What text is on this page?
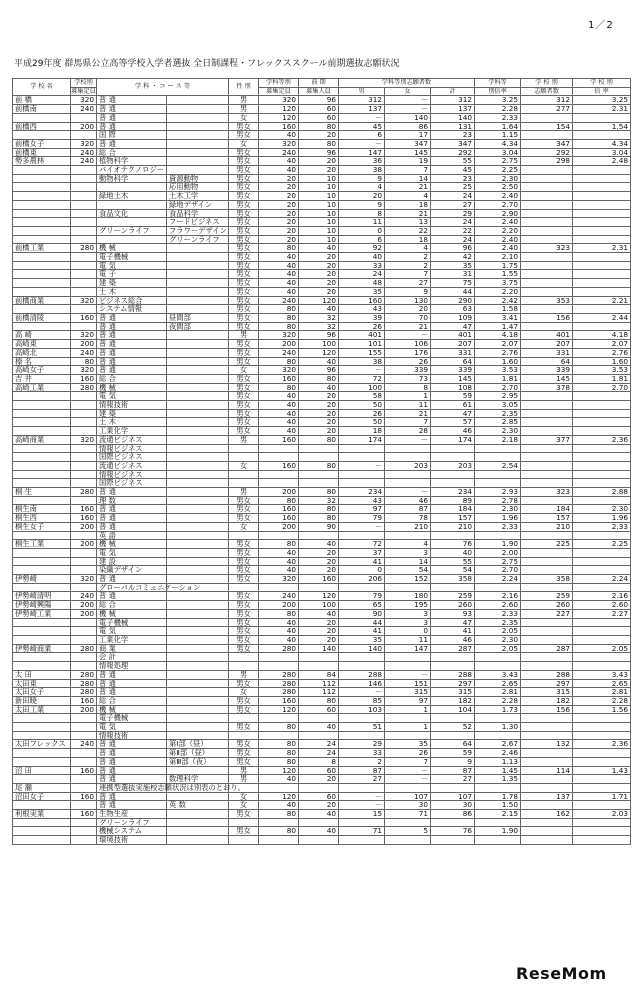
1／2
平成29年度 群馬県公立高等学校入学者選抜 全日制課程・フレックススクール前期選抜志願状況
学 校 名	学校別	学 科 ・ コ ー ス 等		性 別	学科等別	前 期	学科等別志願者数			学科等	学 校 別	学 校 別
	募集定員				募集定員	募集人員	男	女	計	別倍率	志願者数	倍 率
前 橋	320	普 通		男	320	96	312	－	312	3.25	312	3.25
前橋南	240	普 通		男	120	60	137	－	137	2.28	277	2.31
		普 通		女	120	60	－	140	140	2.33		
前橋西	200	普 通		男女	160	80	45	86	131	1.64	154	1.54
		国 際		男女	40	20	6	17	23	1.15		
前橋女子	320	普 通		女	320	80	－	347	347	4.34	347	4.34
前橋東	240	総 合		男女	240	96	147	145	292	3.04	292	3.04
勢多農林	240	植物科学		男女	40	20	36	19	55	2.75	298	2.48
		バイオテクノロジー		男女	40	20	38	7	45	2.25		
		動物科学	資源動物	男女	20	10	9	14	23	2.30		
			応用動物	男女	20	10	4	21	25	2.50		
		緑地土木	土木工学	男女	20	10	20	4	24	2.40		
			緑地デザイン	男女	20	10	9	18	27	2.70		
		食品文化	食品科学	男女	20	10	8	21	29	2.90		
			フードビジネス	男女	20	10	11	13	24	2.40		
		グリーンライフ	フラワーデザイン	男女	20	10	0	22	22	2.20		
			グリーンライフ	男女	20	10	6	18	24	2.40		
前橋工業	280	機 械		男女	80	40	92	4	96	2.40	323	2.31
		電子機械		男女	40	20	40	2	42	2.10		
		電 気		男女	40	20	33	2	35	1.75		
		電 子		男女	40	20	24	7	31	1.55		
		建 築		男女	40	20	48	27	75	3.75		
		土 木		男女	40	20	35	9	44	2.20		
前橋商業	320	ビジネス総合		男女	240	120	160	130	290	2.42	353	2.21
		システム情報		男女	80	40	43	20	63	1.58		
前橋清陵	160	普 通	昼間部	男女	80	32	39	70	109	3.41	156	2.44
		普 通	夜間部	男女	80	32	26	21	47	1.47		
高 崎	320	普 通		男	320	96	401	－	401	4.18	401	4.18
高崎東	200	普 通		男女	200	100	101	106	207	2.07	207	2.07
高崎北	240	普 通		男女	240	120	155	176	331	2.76	331	2.76
榛 名	80	普 通		男女	80	40	38	26	64	1.60	64	1.60
高崎女子	320	普 通		女	320	96	－	339	339	3.53	339	3.53
吉 井	160	総 合		男女	160	80	72	73	145	1.81	145	1.81
高崎工業	280	機 械		男女	80	40	100	8	108	2.70	378	2.70
		電 気		男女	40	20	58	1	59	2.95		
		情報技術		男女	40	20	50	11	61	3.05		
		建 築		男女	40	20	26	21	47	2.35		
		土 木		男女	40	20	50	7	57	2.85		
		工業化学		男女	40	20	18	28	46	2.30		
高崎商業	320	流通ビジネス		男	160	80	174	－	174	2.18	377	2.36
		情報ビジネス										
		国際ビジネス										
		流通ビジネス		女	160	80	－	203	203	2.54		
		情報ビジネス										
		国際ビジネス										
桐 生	280	普 通		男	200	80	234	－	234	2.93	323	2.88
		理 数		男女	80	32	43	46	89	2.78		
桐生南	160	普 通		男女	160	80	97	87	184	2.30	184	2.30
桐生西	160	普 通		男女	160	80	79	78	157	1.96	157	1.96
桐生女子	200	普 通		女	200	90	－	210	210	2.33	210	2.33
		英 語										
桐生工業	200	機 械		男女	80	40	72	4	76	1.90	225	2.25
		電 気		男女	40	20	37	3	40	2.00		
		建 設		男女	40	20	41	14	55	2.75		
		染織デザイン		男女	40	20	0	54	54	2.70		
伊勢崎	320	普 通		男女	320	160	206	152	358	2.24	358	2.24
		グローバルコミュニケーション										
伊勢崎清明	240	普 通		男女	240	120	79	180	259	2.16	259	2.16
伊勢崎興陽	200	総 合		男女	200	100	65	195	260	2.60	260	2.60
伊勢崎工業	200	機 械		男女	80	40	90	3	93	2.33	227	2.27
		電子機械		男女	40	20	44	3	47	2.35		
		電 気		男女	40	20	41	0	41	2.05		
		工業化学		男女	40	20	35	11	46	2.30		
伊勢崎商業	280	商 業		男女	280	140	140	147	287	2.05	287	2.05
		会 計										
		情報処理										
太 田	280	普 通		男	280	84	288	－	288	3.43	288	3.43
太田東	280	普 通		男女	280	112	146	151	297	2.65	297	2.65
太田女子	280	普 通		女	280	112	－	315	315	2.81	315	2.81
新田暁	160	総 合		男女	160	80	85	97	182	2.28	182	2.28
太田工業	200	機 械		男女	120	60	103	1	104	1.73	156	1.56
		電子機械										
		電 気		男女	80	40	51	1	52	1.30		
		情報技術										
太田フレックス	240	普 通	第Ⅰ部（昼）	男女	80	24	29	35	64	2.67	132	2.36
		普 通	第Ⅱ部（昼）	男女	80	24	33	26	59	2.46		
		普 通	第Ⅲ部（夜）	男女	80	8	2	7	9	1.13		
沼 田	160	普 通		男	120	60	87	－	87	1.45	114	1.43
		普 通	数理科学	男	40	20	27	－	27	1.35		
尾 瀬		連携型選抜実施校志願状況は別表のとおり。										
沼田女子	160	普 通		女	120	60	－	107	107	1.78	137	1.71
		普 通	英 数	女	40	20	－	30	30	1.50		
利根実業	160	生物生産		男女	80	40	15	71	86	2.15	162	2.03
		グリーンライフ										
		機械システム		男女	80	40	71	5	76	1.90		
		環境技術										
ReseMom
